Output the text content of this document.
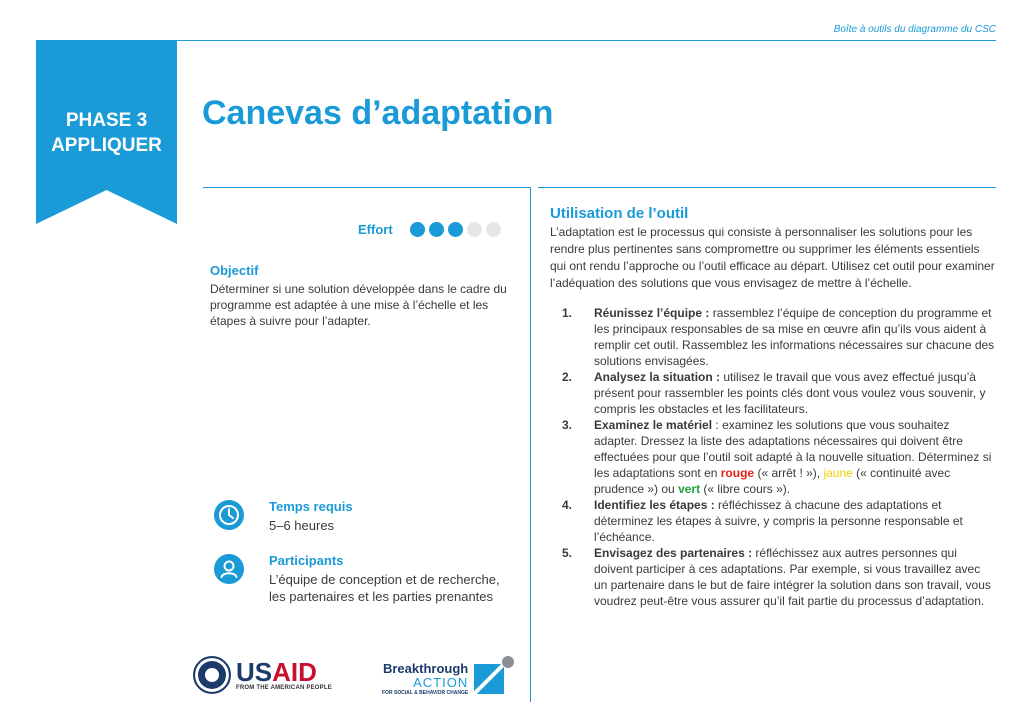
Boîte à outils du diagramme du CSC
PHASE 3
APPLIQUER
Canevas d’adaptation
Effort
Objectif
Déterminer si une solution développée dans le cadre du programme est adaptée à une mise à l’échelle et les étapes à suivre pour l’adapter.
Temps requis
5–6 heures
Participants
L’équipe de conception et de recherche, les partenaires et les parties prenantes
USAID
FROM THE AMERICAN PEOPLE
Breakthrough
ACTION
FOR SOCIAL & BEHAVIOR CHANGE
Utilisation de l’outil
L’adaptation est le processus qui consiste à personnaliser les solutions pour les rendre plus pertinentes sans compromettre ou supprimer les éléments essentiels qui ont rendu l’approche ou l’outil efficace au départ. Utilisez cet outil pour examiner l’adéquation des solutions que vous envisagez de mettre à l’échelle.
1.	Réunissez l’équipe : rassemblez l’équipe de conception du programme et les principaux responsables de sa mise en œuvre afin qu’ils vous aident à remplir cet outil. Rassemblez les informations nécessaires sur chacune des solutions envisagées.
2.	Analysez la situation : utilisez le travail que vous avez effectué jusqu’à présent pour rassembler les points clés dont vous voulez vous souvenir, y compris les obstacles et les facilitateurs.
3.	Examinez le matériel : examinez les solutions que vous souhaitez adapter. Dressez la liste des adaptations nécessaires qui doivent être effectuées pour que l’outil soit adapté à la nouvelle situation. Déterminez si les adaptations sont en rouge (« arrêt ! »), jaune (« continuité avec prudence ») ou vert (« libre cours »).
4.	Identifiez les étapes : réfléchissez à chacune des adaptations et déterminez les étapes à suivre, y compris la personne responsable et l’échéance.
5.	Envisagez des partenaires : réfléchissez aux autres personnes qui doivent participer à ces adaptations. Par exemple, si vous travaillez avec un partenaire dans le but de faire intégrer la solution dans son travail, vous voudrez peut-être vous assurer qu’il fait partie du processus d’adaptation.
